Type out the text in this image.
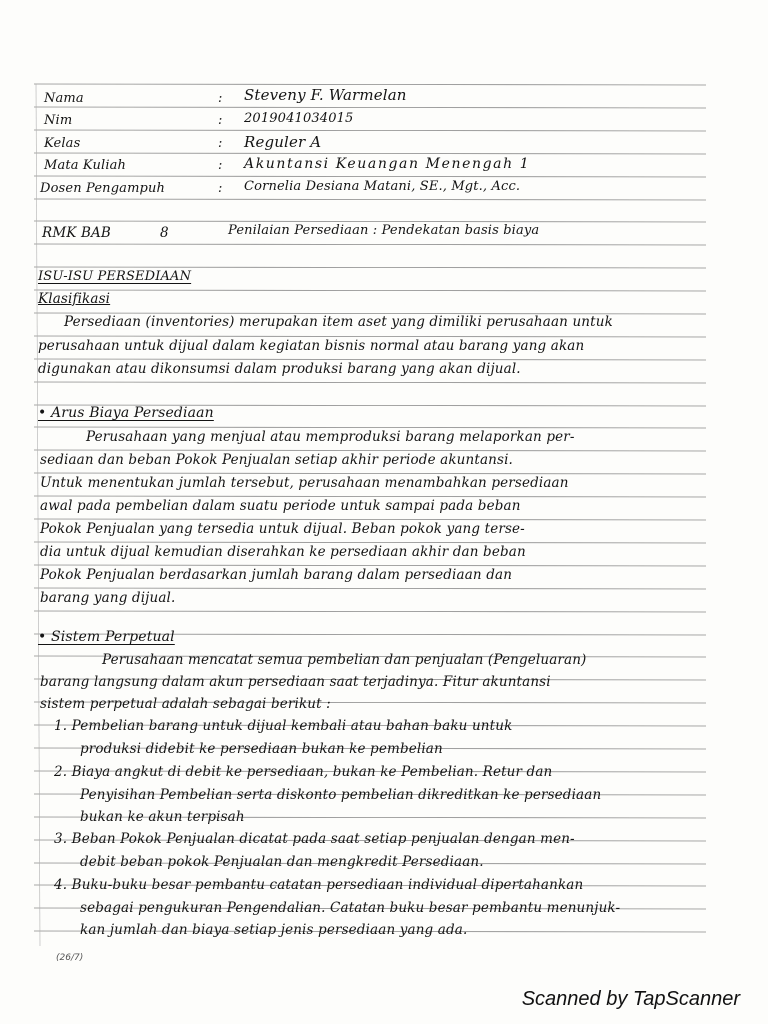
Nama	: Steveny F. Warmelan
Nim	: 2019041034015
Kelas	: Reguler A
Mata Kuliah	: Akuntansi Keuangan Menengah 1
Dosen Pengampuh	: Cornelia Desiana Matani, SE., Mgt., Acc.
RMK BAB	8	Penilaian Persediaan : Pendekatan basis biaya
ISU-ISU PERSEDIAAN
Klasifikasi
Persediaan (inventories) merupakan item aset yang dimiliki perusahaan untuk
perusahaan untuk dijual dalam kegiatan bisnis normal atau barang yang akan
digunakan atau dikonsumsi dalam produksi barang yang akan dijual.
• Arus Biaya Persediaan
Perusahaan yang menjual atau memproduksi barang melaporkan per-
sediaan dan beban Pokok Penjualan setiap akhir periode akuntansi.
Untuk menentukan jumlah tersebut, perusahaan menambahkan persediaan
awal pada pembelian dalam suatu periode untuk sampai pada beban
Pokok Penjualan yang tersedia untuk dijual. Beban pokok yang terse-
dia untuk dijual kemudian diserahkan ke persediaan akhir dan beban
Pokok Penjualan berdasarkan jumlah barang dalam persediaan dan
barang yang dijual.
• Sistem Perpetual
Perusahaan mencatat semua pembelian dan penjualan (Pengeluaran)
barang langsung dalam akun persediaan saat terjadinya. Fitur akuntansi
sistem perpetual adalah sebagai berikut :
1. Pembelian barang untuk dijual kembali atau bahan baku untuk
produksi didebit ke persediaan bukan ke pembelian
2. Biaya angkut di debit ke persediaan, bukan ke Pembelian. Retur dan
Penyisihan Pembelian serta diskonto pembelian dikreditkan ke persediaan
bukan ke akun terpisah
3. Beban Pokok Penjualan dicatat pada saat setiap penjualan dengan men-
debit beban pokok Penjualan dan mengkredit Persediaan.
4. Buku-buku besar pembantu catatan persediaan individual dipertahankan
sebagai pengukuran Pengendalian. Catatan buku besar pembantu menunjuk-
kan jumlah dan biaya setiap jenis persediaan yang ada.
(26/7)
Scanned by TapScanner
